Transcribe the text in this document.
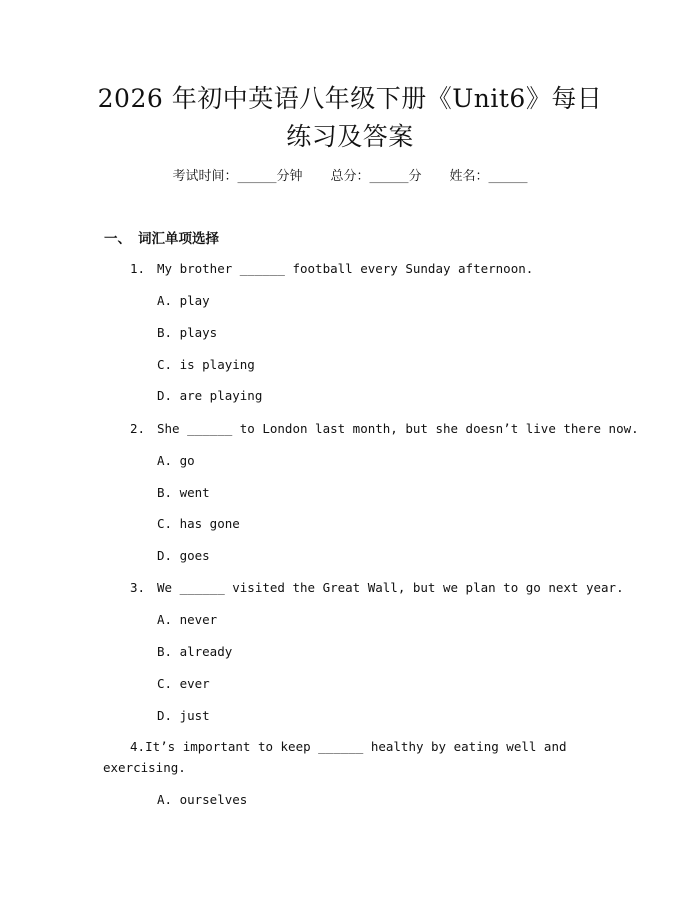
2026 年初中英语八年级下册《Unit6》每日
练习及答案
考试时间：______分钟 总分：______分 姓名：______
一、 词汇单项选择
1. My brother ______ football every Sunday afternoon.
A. play
B. plays
C. is playing
D. are playing
2. She ______ to London last month, but she doesn’t live there now.
A. go
B. went
C. has gone
D. goes
3. We ______ visited the Great Wall, but we plan to go next year.
A. never
B. already
C. ever
D. just
4.It’s important to keep ______ healthy by eating well and
exercising.
A. ourselves
